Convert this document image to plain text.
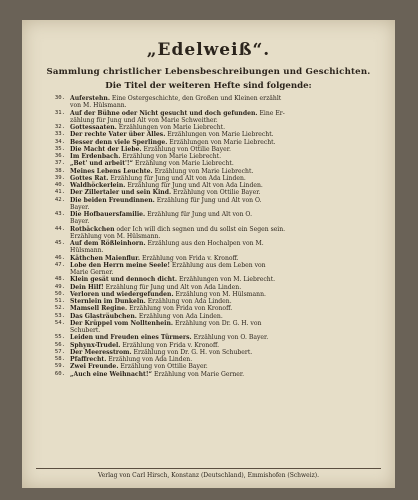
„Edelweiß“.
Sammlung christlicher Lebensbeschreibungen und Geschichten.
Die Titel der weiteren Hefte sind folgende:
30. Auferstehn. Eine Ostergeschichte, den Großen und Kleinen erzählt
von M. Hülsmann.
31. Auf der Bühne oder Nicht gesucht und doch gefunden. Eine Er-
zählung für Jung und Alt von Marie Schweither.
32. Gottessaaten. Erzählungen von Marie Liebrecht.
33. Der rechte Vater über Alles. Erzählungen von Marie Liebrecht.
34. Besser denn viele Sperlinge. Erzählungen von Marie Liebrecht.
35. Die Macht der Liebe. Erzählung von Ottilie Bayer.
36. Im Erdenbach. Erzählung von Marie Liebrecht.
37. „Bet' und arbeit'!“ Erzählung von Marie Liebrecht.
38. Meines Lebens Leuchte. Erzählung von Marie Liebrecht.
39. Gottes Rat. Erzählung für Jung und Alt von Ada Linden.
40. Waldhöckerlein. Erzählung für Jung und Alt von Ada Linden.
41. Der Zillertaler und sein Kind. Erzählung von Ottilie Bayer.
42. Die beiden Freundinnen. Erzählung für Jung und Alt von O.
Bayer.
43. Die Hofbauersfamilie. Erzählung für Jung und Alt von O.
Bayer.
44. Rotbäckchen oder Ich will dich segnen und du sollst ein Segen sein.
Erzählung von M. Hülsmann.
45. Auf dem Rößleinhorn. Erzählung aus den Hochalpen von M.
Hülsmann.
46. Käthchen Maienflur. Erzählung von Frida v. Kronoff.
47. Lobe den Herrn meine Seele! Erzählung aus dem Leben von
Marie Gerner.
48. Klein gesät und dennoch dicht. Erzählungen von M. Liebrecht.
49. Dein Hilf! Erzählung für Jung und Alt von Ada Linden.
50. Verloren und wiedergefunden. Erzählung von M. Hülsmann.
51. Sternlein im Dunkeln. Erzählung von Ada Linden.
52. Mamsell Regine. Erzählung von Frida von Kronoff.
53. Das Glasträubchen. Erzählung von Ada Linden.
54. Der Krüppel vom Nolltenhein. Erzählung von Dr. G. H. von
Schubert.
55. Leiden und Freuden eines Türmers. Erzählung von O. Bayer.
56. Sphynx-Trudel. Erzählung von Frida v. Kronoff.
57. Der Meeresstrom. Erzählung von Dr. G. H. von Schubert.
58. Pfaffrecht. Erzählung von Ada Linden.
59. Zwei Freunde. Erzählung von Ottilie Bayer.
60. „Auch eine Weihnacht!“ Erzählung von Marie Gerner.
Verlag von Carl Hirsch, Konstanz (Deutschland), Emmishofen (Schweiz).
